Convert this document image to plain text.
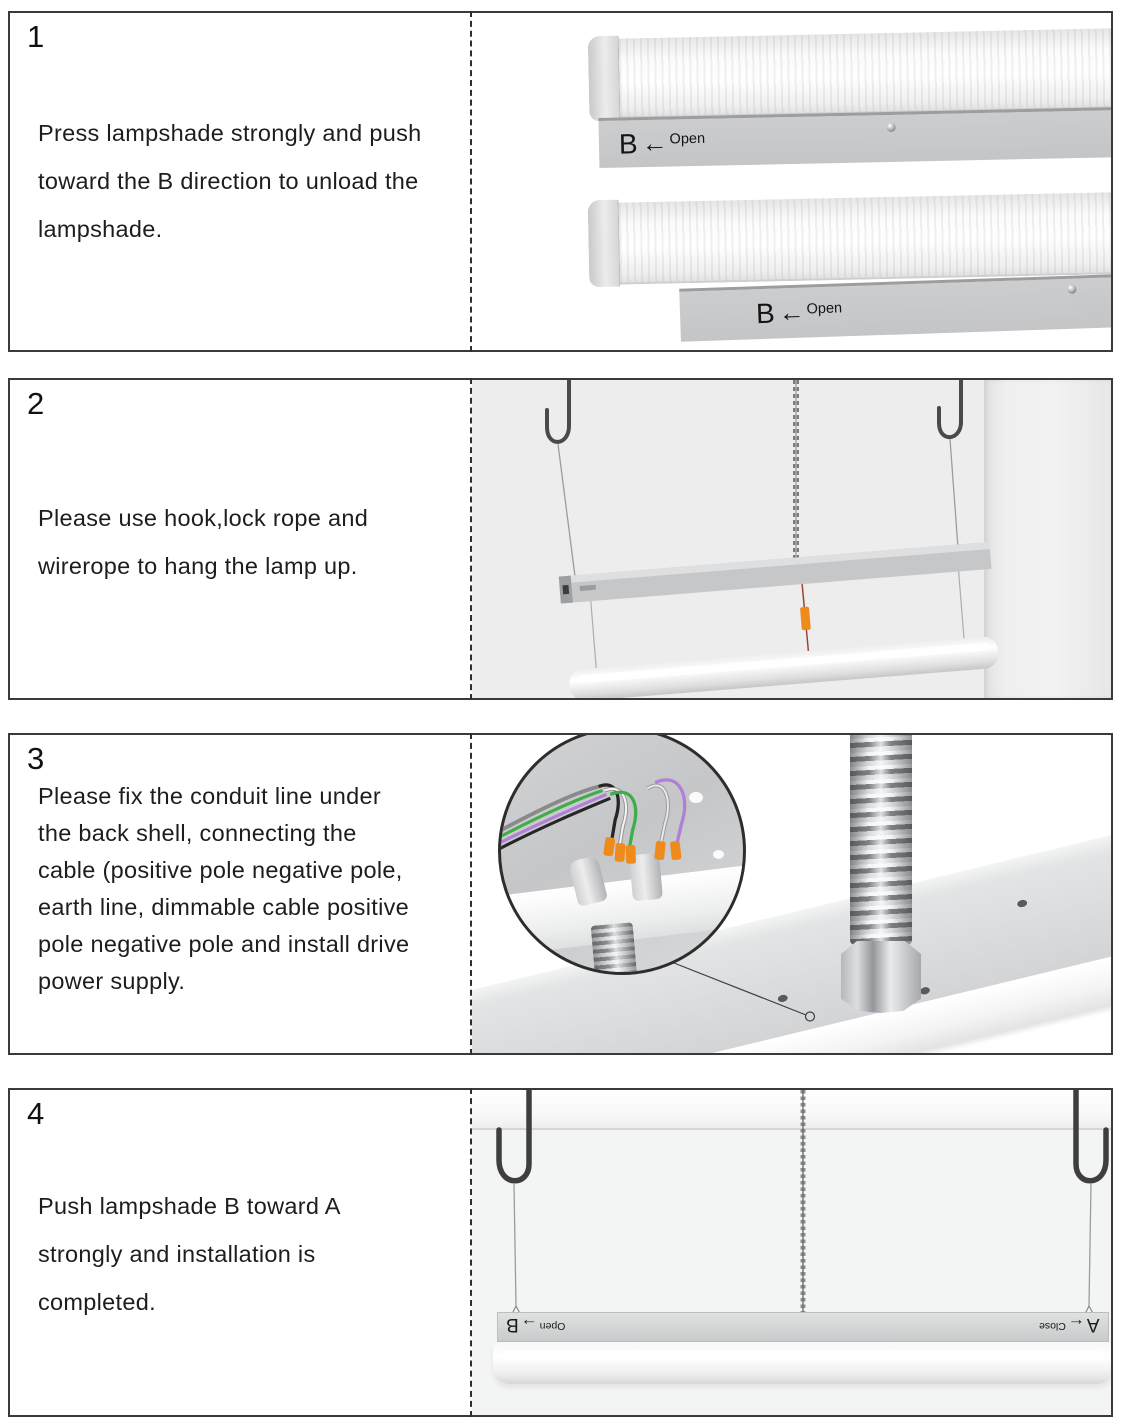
1
Press lampshade strongly and push
toward the B direction to unload the
lampshade.
B ← Open
B ← Open
2
Please use hook,lock rope and
wirerope to hang the lamp up.
3
Please fix the conduit line under
the back shell, connecting the
cable (positive pole negative pole,
earth line, dimmable cable positive
pole negative pole and install drive
power supply.
4
Push lampshade B toward A
strongly and installation is
completed.
Open
→
B	A
←
Close
